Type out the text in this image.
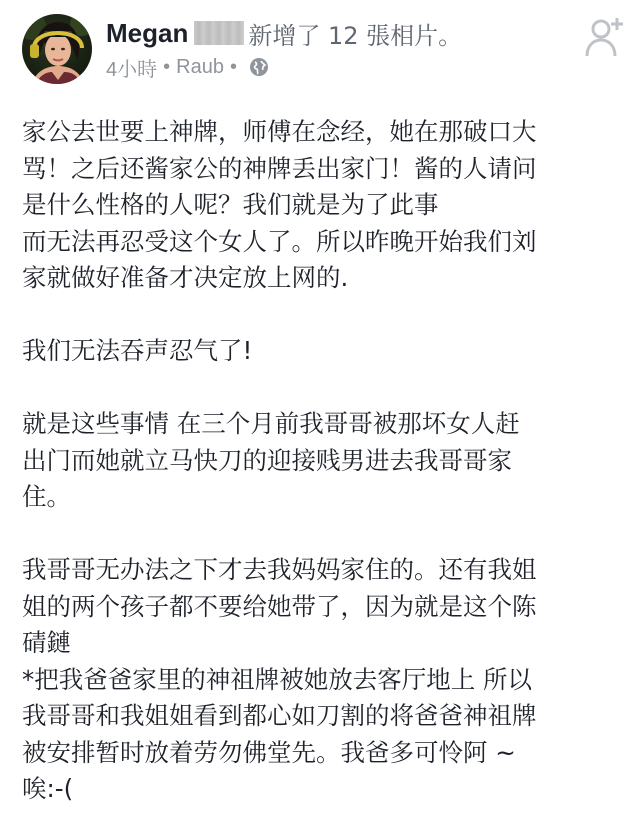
Megan	新增了 12 張相片。
4小時 • Raub •

家公去世要上神牌，师傅在念经，她在那破口大
骂！之后还酱家公的神牌丢出家门！酱的人请问
是什么性格的人呢？我们就是为了此事
而无法再忍受这个女人了。所以昨晚开始我们刘
家就做好准备才决定放上网的.

我们无法吞声忍气了!

就是这些事情 在三个月前我哥哥被那坏女人赶
出门而她就立马快刀的迎接贱男进去我哥哥家
住。

我哥哥无办法之下才去我妈妈家住的。还有我姐
姐的两个孩子都不要给她带了，因为就是这个陈
碃鏈
*把我爸爸家里的神祖牌被她放去客厅地上 所以
我哥哥和我姐姐看到都心如刀割的将爸爸神祖牌
被安排暂时放着劳勿佛堂先。我爸多可怜阿 ~
唉:-(
